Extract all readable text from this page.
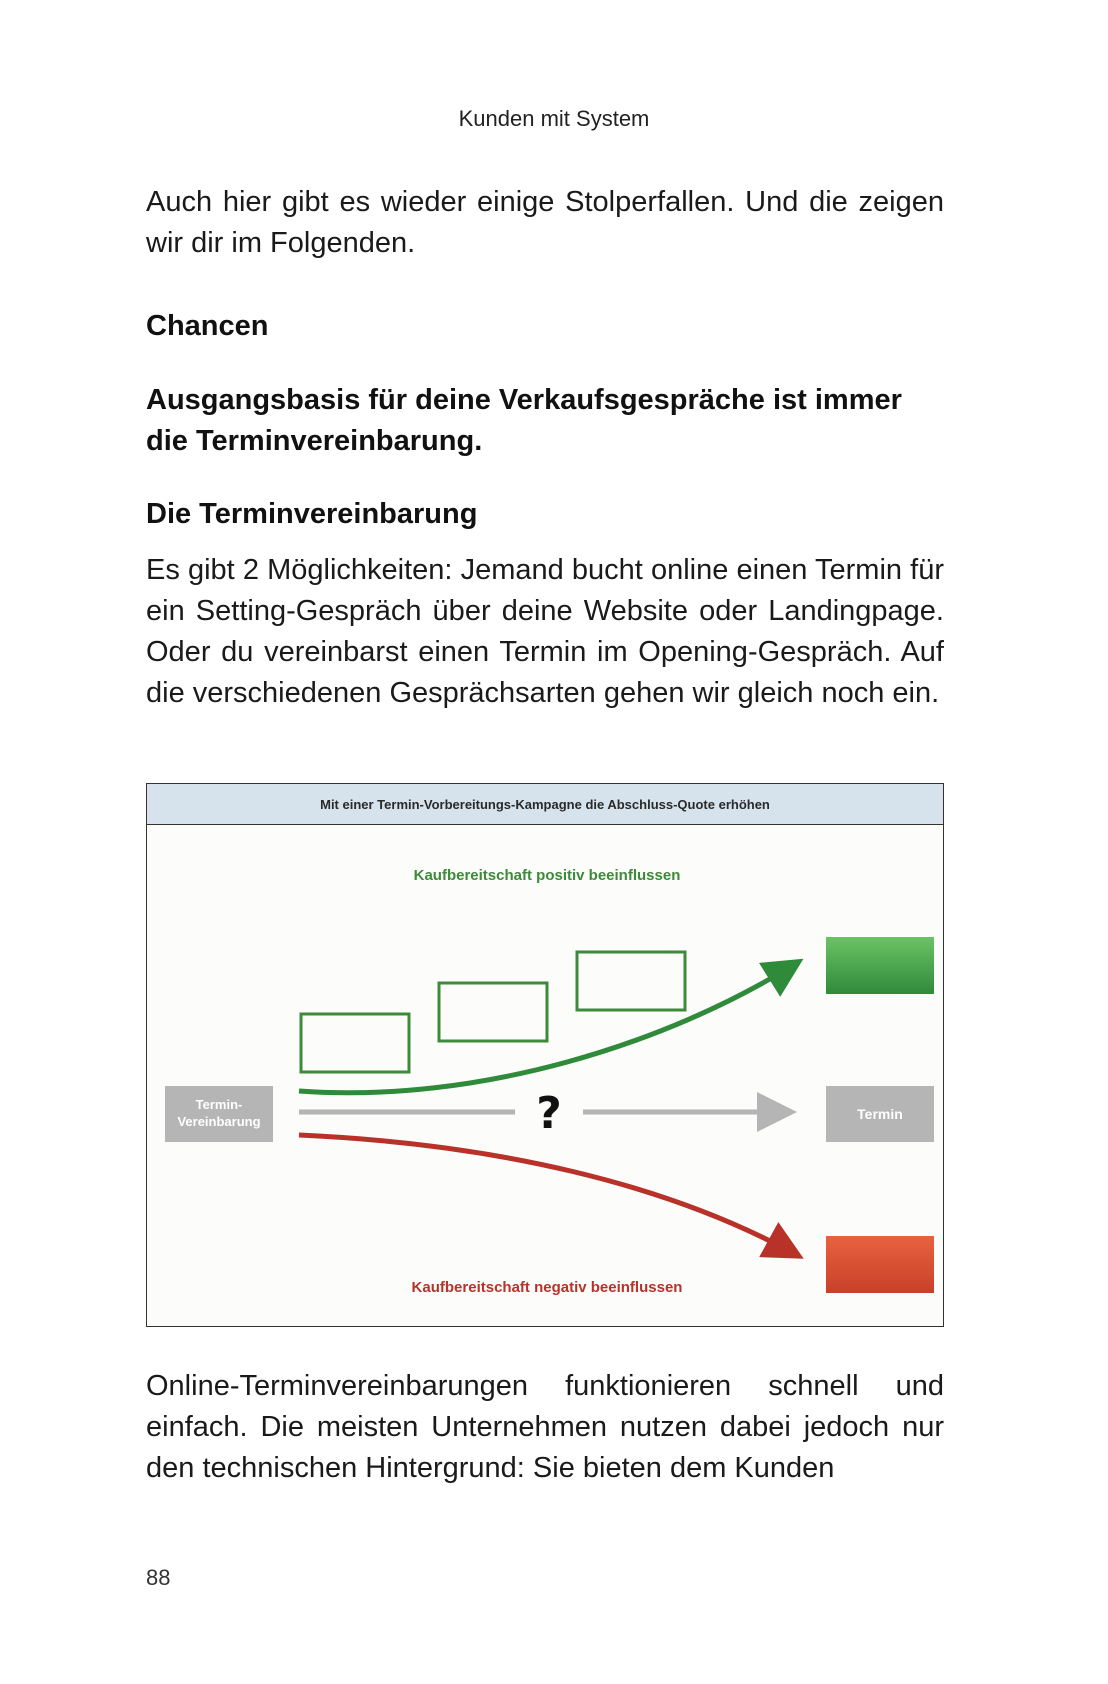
Kunden mit System

Auch hier gibt es wieder einige Stolperfallen. Und die zeigen wir dir im Folgenden.

Chancen

Ausgangsbasis für deine Verkaufsgespräche ist immer die Terminvereinbarung.

Die Terminvereinbarung

Es gibt 2 Möglichkeiten: Jemand bucht online einen Termin für ein Setting-Gespräch über deine Website oder Landingpage. Oder du vereinbarst einen Termin im Opening-Gespräch. Auf die verschiedenen Gesprächsarten gehen wir gleich noch ein.

Mit einer Termin-Vorbereitungs-Kampagne die Abschluss-Quote erhöhen
Kaufbereitschaft positiv beeinflussen
?
Termin-
Vereinbarung	Termin
Kaufbereitschaft negativ beeinflussen

Online-Terminvereinbarungen funktionieren schnell und einfach. Die meisten Unternehmen nutzen dabei jedoch nur den technischen Hintergrund: Sie bieten dem Kunden

88
